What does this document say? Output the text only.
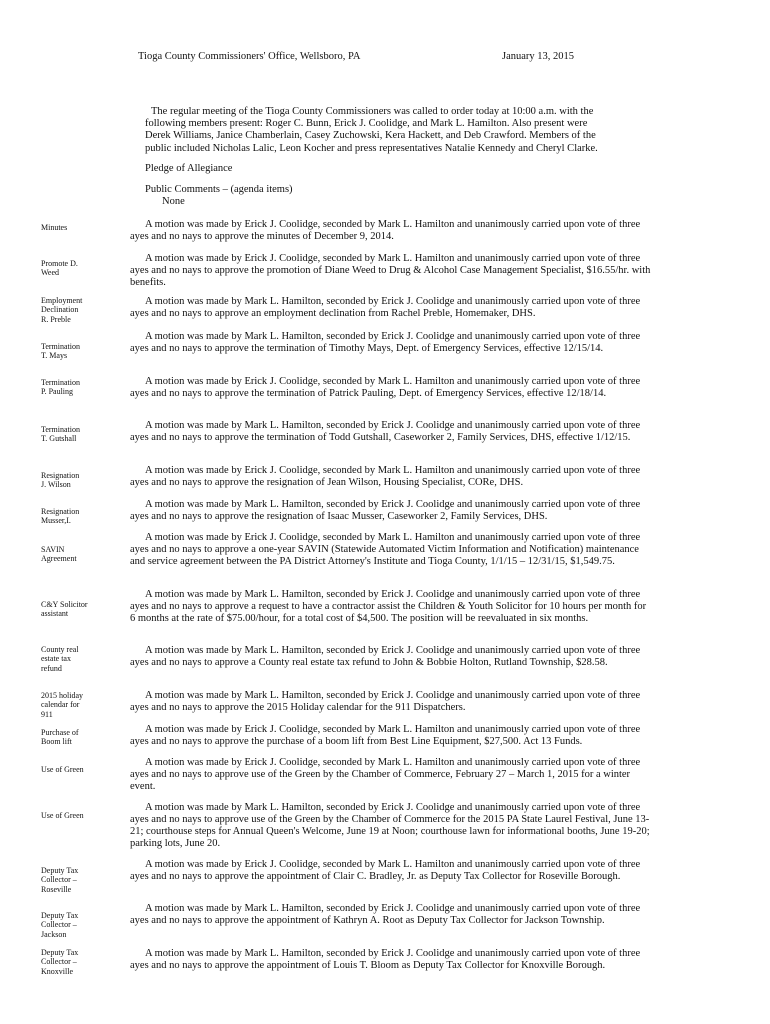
Tioga County Commissioners' Office, Wellsboro, PA	January 13, 2015
The regular meeting of the Tioga County Commissioners was called to order today at 10:00 a.m. with the following members present: Roger C. Bunn, Erick J. Coolidge, and Mark L. Hamilton. Also present were Derek Williams, Janice Chamberlain, Casey Zuchowski, Kera Hackett, and Deb Crawford. Members of the public included Nicholas Lalic, Leon Kocher and press representatives Natalie Kennedy and Cheryl Clarke.
Pledge of Allegiance
Public Comments – (agenda items)
None
Minutes	A motion was made by Erick J. Coolidge, seconded by Mark L. Hamilton and unanimously carried upon vote of three ayes and no nays to approve the minutes of December 9, 2014.
Promote D.
Weed
A motion was made by Erick J. Coolidge, seconded by Mark L. Hamilton and unanimously carried upon vote of three ayes and no nays to approve the promotion of Diane Weed to Drug & Alcohol Case Management Specialist, $16.55/hr. with benefits.
Employment
Declination
R. Preble
A motion was made by Mark L. Hamilton, seconded by Erick J. Coolidge and unanimously carried upon vote of three ayes and no nays to approve an employment declination from Rachel Preble, Homemaker, DHS.
Termination
T. Mays
A motion was made by Mark L. Hamilton, seconded by Erick J. Coolidge and unanimously carried upon vote of three ayes and no nays to approve the termination of Timothy Mays, Dept. of Emergency Services, effective 12/15/14.
Termination
P. Pauling
A motion was made by Erick J. Coolidge, seconded by Mark L. Hamilton and unanimously carried upon vote of three ayes and no nays to approve the termination of Patrick Pauling, Dept. of Emergency Services, effective 12/18/14.
Termination
T. Gutshall
A motion was made by Mark L. Hamilton, seconded by Erick J. Coolidge and unanimously carried upon vote of three ayes and no nays to approve the termination of Todd Gutshall, Caseworker 2, Family Services, DHS, effective 1/12/15.
Resignation
J. Wilson
A motion was made by Erick J. Coolidge, seconded by Mark L. Hamilton and unanimously carried upon vote of three ayes and no nays to approve the resignation of Jean Wilson, Housing Specialist, CORe, DHS.
Resignation
Musser,I.
A motion was made by Mark L. Hamilton, seconded by Erick J. Coolidge and unanimously carried upon vote of three ayes and no nays to approve the resignation of Isaac Musser, Caseworker 2, Family Services, DHS.
SAVIN
Agreement
A motion was made by Erick J. Coolidge, seconded by Mark L. Hamilton and unanimously carried upon vote of three ayes and no nays to approve a one-year SAVIN (Statewide Automated Victim Information and Notification) maintenance and service agreement between the PA District Attorney's Institute and Tioga County, 1/1/15 – 12/31/15, $1,549.75.
C&Y Solicitor
assistant
A motion was made by Mark L. Hamilton, seconded by Erick J. Coolidge and unanimously carried upon vote of three ayes and no nays to approve a request to have a contractor assist the Children & Youth Solicitor for 10 hours per month for 6 months at the rate of $75.00/hour, for a total cost of $4,500. The position will be reevaluated in six months.
County real
estate tax
refund
A motion was made by Mark L. Hamilton, seconded by Erick J. Coolidge and unanimously carried upon vote of three ayes and no nays to approve a County real estate tax refund to John & Bobbie Holton, Rutland Township, $28.58.
2015 holiday
calendar for
911
A motion was made by Mark L. Hamilton, seconded by Erick J. Coolidge and unanimously carried upon vote of three ayes and no nays to approve the 2015 Holiday calendar for the 911 Dispatchers.
Purchase of
Boom lift
A motion was made by Erick J. Coolidge, seconded by Mark L. Hamilton and unanimously carried upon vote of three ayes and no nays to approve the purchase of a boom lift from Best Line Equipment, $27,500. Act 13 Funds.
Use of Green
A motion was made by Erick J. Coolidge, seconded by Mark L. Hamilton and unanimously carried upon vote of three ayes and no nays to approve use of the Green by the Chamber of Commerce, February 27 – March 1, 2015 for a winter event.
Use of Green
A motion was made by Mark L. Hamilton, seconded by Erick J. Coolidge and unanimously carried upon vote of three ayes and no nays to approve use of the Green by the Chamber of Commerce for the 2015 PA State Laurel Festival, June 13-21; courthouse steps for Annual Queen's Welcome, June 19 at Noon; courthouse lawn for informational booths, June 19-20; parking lots, June 20.
Deputy Tax
Collector –
Roseville
A motion was made by Erick J. Coolidge, seconded by Mark L. Hamilton and unanimously carried upon vote of three ayes and no nays to approve the appointment of Clair C. Bradley, Jr. as Deputy Tax Collector for Roseville Borough.
Deputy Tax
Collector –
Jackson
A motion was made by Mark L. Hamilton, seconded by Erick J. Coolidge and unanimously carried upon vote of three ayes and no nays to approve the appointment of Kathryn A. Root as Deputy Tax Collector for Jackson Township.
Deputy Tax
Collector –
Knoxville
A motion was made by Mark L. Hamilton, seconded by Erick J. Coolidge and unanimously carried upon vote of three ayes and no nays to approve the appointment of Louis T. Bloom as Deputy Tax Collector for Knoxville Borough.
